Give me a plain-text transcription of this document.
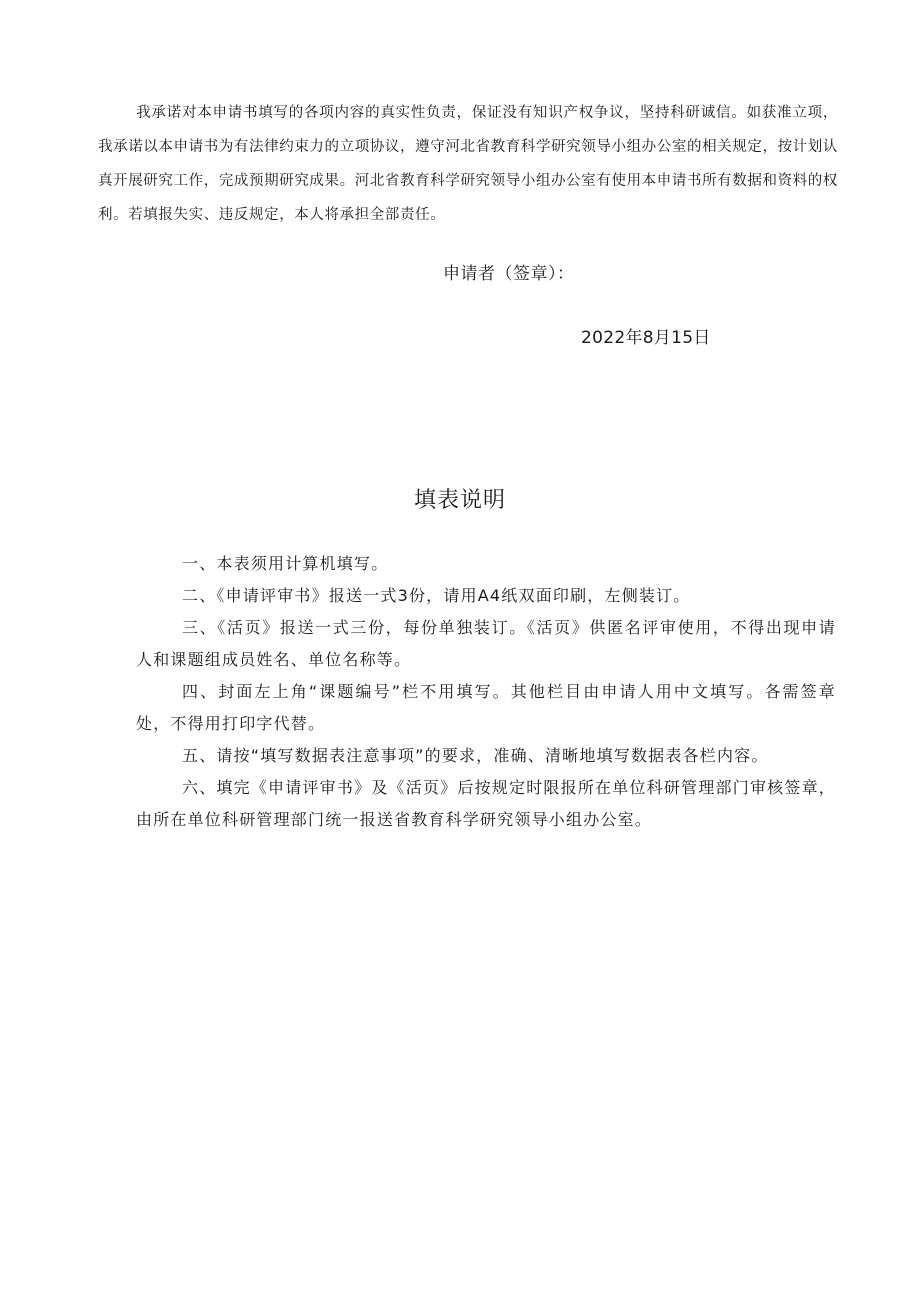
我承诺对本申请书填写的各项内容的真实性负责，保证没有知识产权争议，坚持科研诚信。如获准立项，我承诺以本申请书为有法律约束力的立项协议，遵守河北省教育科学研究领导小组办公室的相关规定，按计划认真开展研究工作，完成预期研究成果。河北省教育科学研究领导小组办公室有使用本申请书所有数据和资料的权利。若填报失实、违反规定，本人将承担全部责任。

申请者（签章）：

2022年8月15日

填表说明
一、本表须用计算机填写。
二、《申请评审书》报送一式3份，请用A4纸双面印刷，左侧装订。
三、《活页》报送一式三份，每份单独装订。《活页》供匿名评审使用，不得出现申请人和课题组成员姓名、单位名称等。
四、封面左上角“课题编号”栏不用填写。其他栏目由申请人用中文填写。各需签章处，不得用打印字代替。
五、请按“填写数据表注意事项”的要求，准确、清晰地填写数据表各栏内容。
六、填完《申请评审书》及《活页》后按规定时限报所在单位科研管理部门审核签章，由所在单位科研管理部门统一报送省教育科学研究领导小组办公室。
